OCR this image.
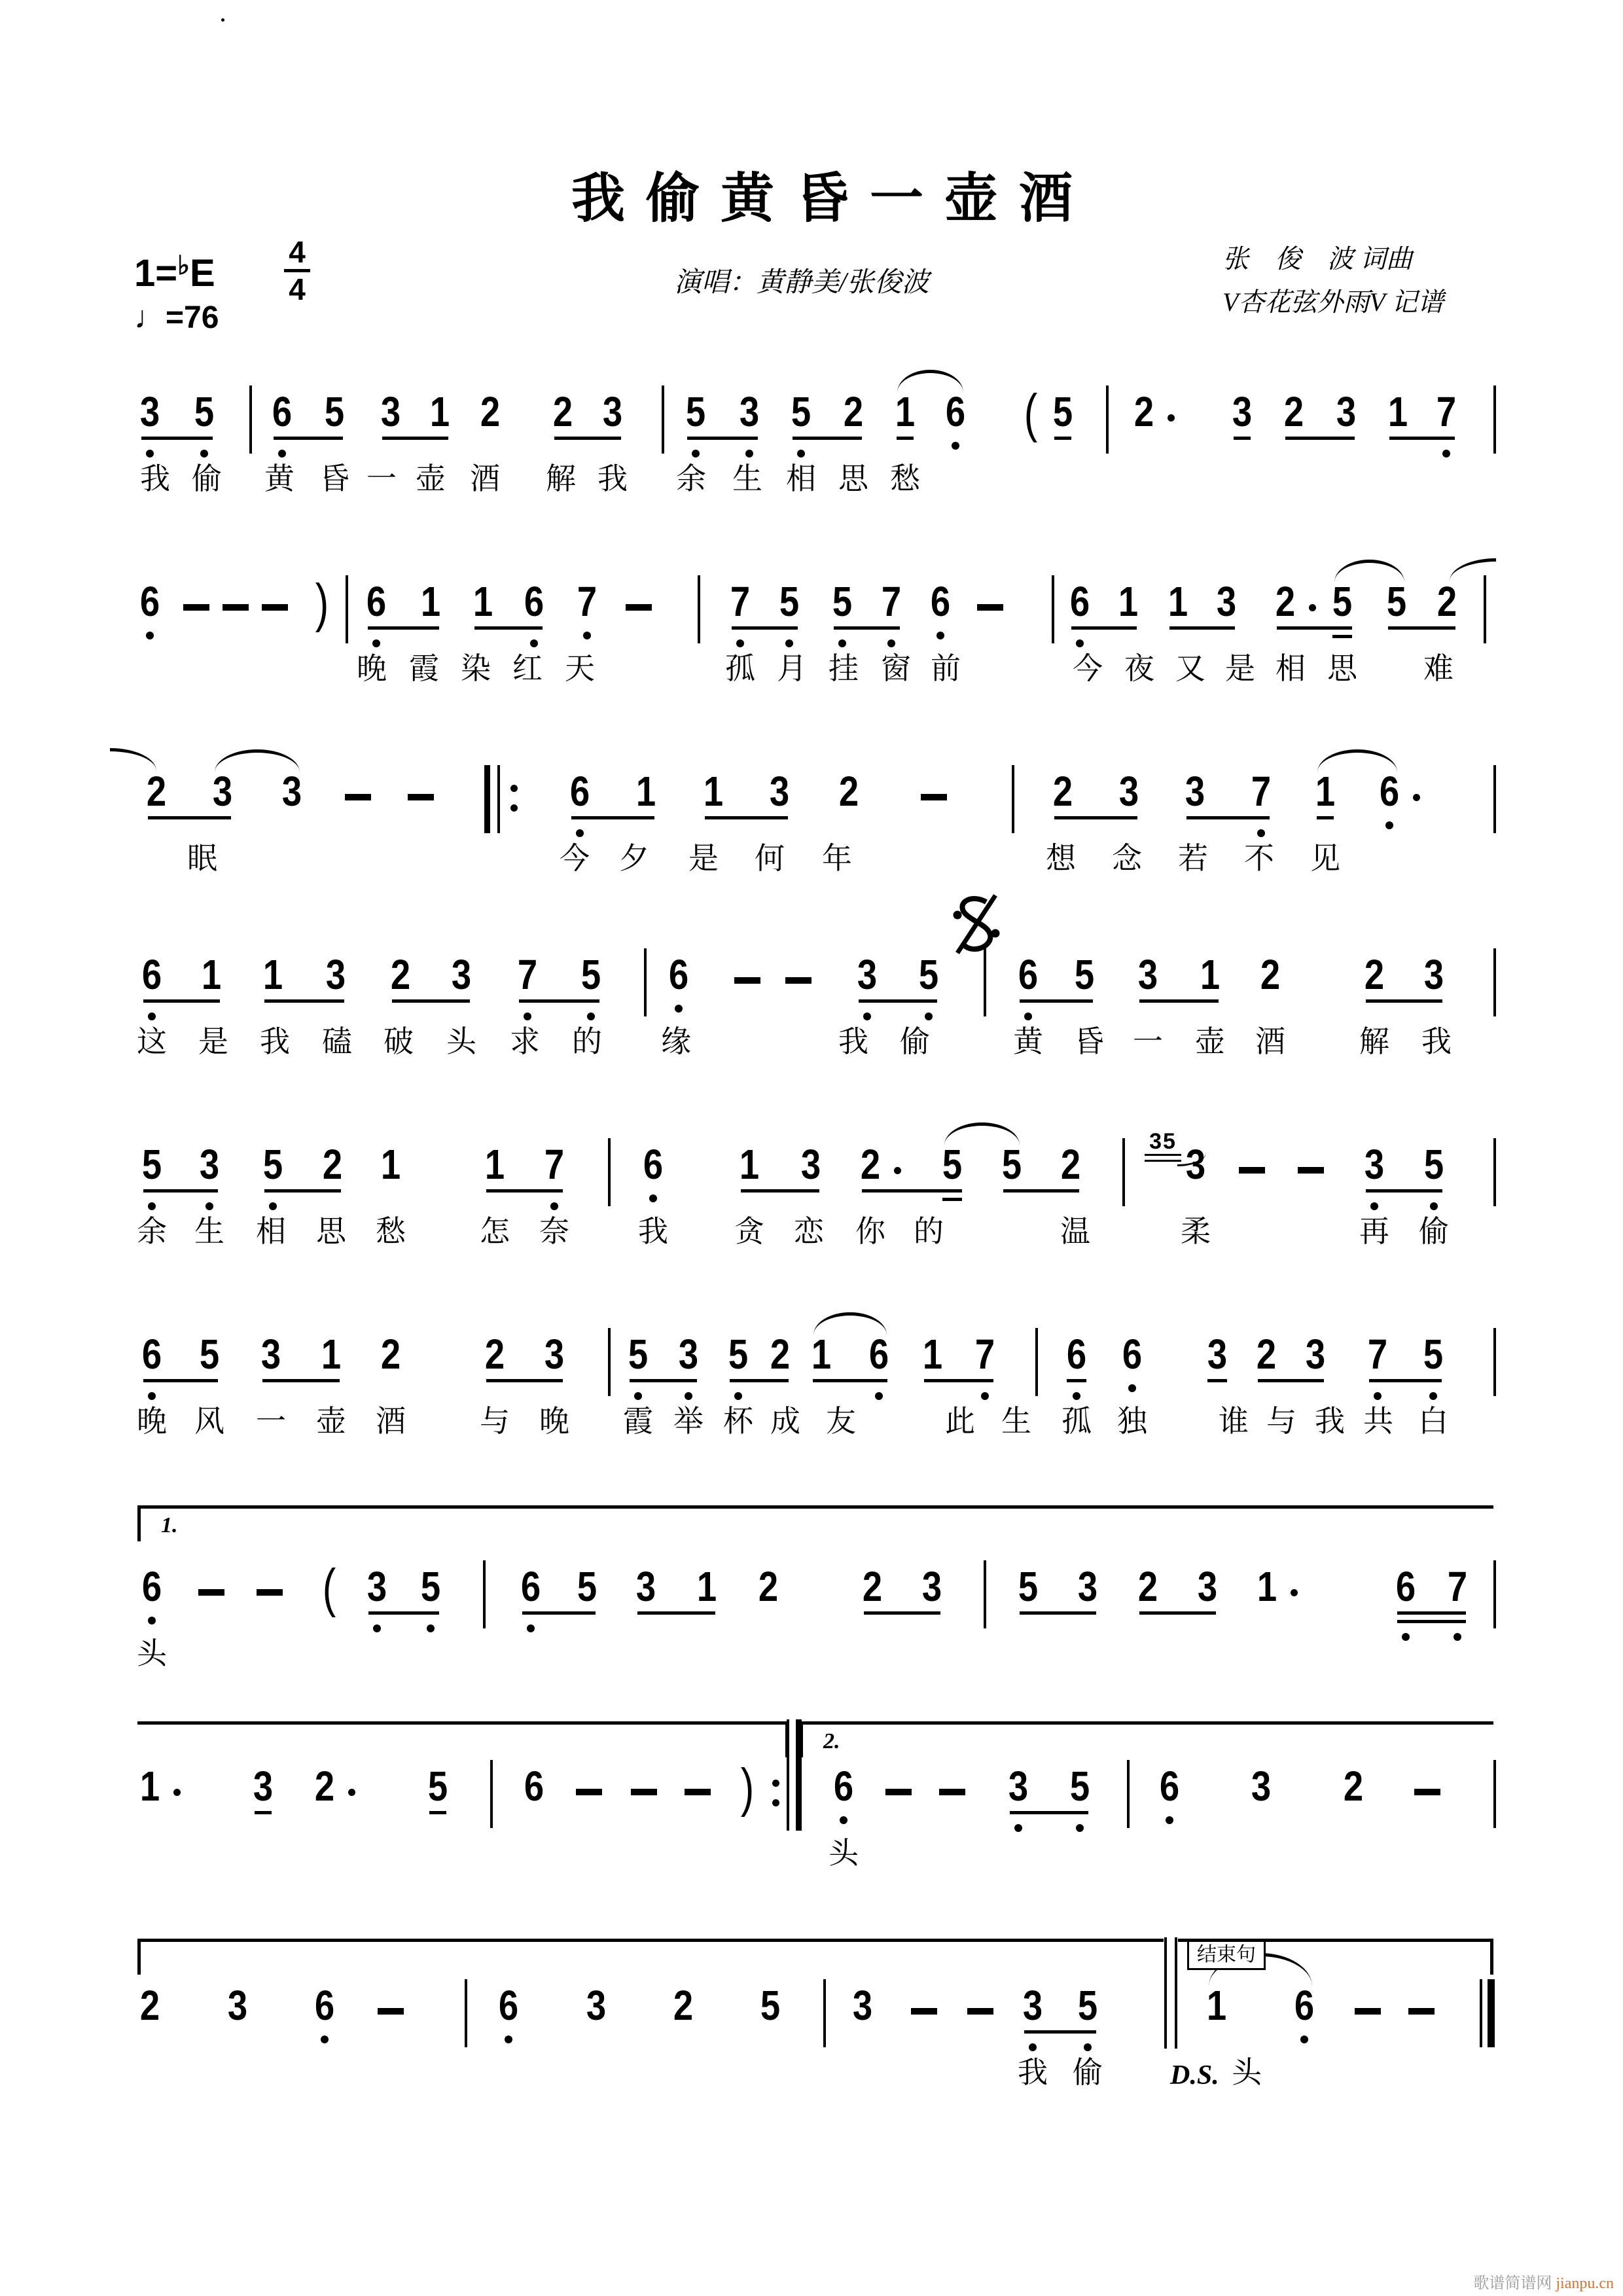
我偷黄昏一壶酒
1=♭E 4
4
♩=76
演唱：黄静美/张俊波
张　俊　波 词曲
V杏花弦外雨V 记谱
歌谱简谱网 jianpu.cn
3 5 6 5 3 1 2 2 3 5 3 5 2 1 6 ( 5 2 3 2 3 1 7
我 偷 黄 昏 一 壶 酒 解 我 余 生 相 思 愁
6	) 6 1 1 6 7	7 5 5 7 6	6 1 1 3 2 5 5 2
晚 霞 染 红 天	孤 月 挂 窗 前	今 夜 又 是 相 思 难
2 3 3	6 1 1 3 2	2 3 3 7 1 6
眠	今 夕 是 何 年	想 念 若 不 见
6 1 1 3 2 3 7 5 6	3 5 6 5 3 1 2 2 3
这 是 我 磕 破 头 求 的 缘	我 偷	黄 昏 一 壶 酒 解 我
5 3 5 2 1 1 7 6 1 3 2 5 5 2	35 3	3 5
余 生 相 思 愁 怎 奈 我 贪 恋 你 的	温	柔	再 偷
6 5 3 1 2 2 3 5 3 5 2 1 6 1 7 6 6 3 2 3 7 5
晚 风 一 壶 酒 与 晚 霞 举 杯 成 友	此 生 孤 独 谁 与 我 共 白
6	( 3 5 6 5 3 1 2 2 3 5 3 2 3 1	6 7
头
1 3 2 5 6	) 6	3 5 6 3 2
头
2 3 6	6 3 2 5 3	3 5	1 6
我 偷	头
1.
2.
结束句
D.S.
